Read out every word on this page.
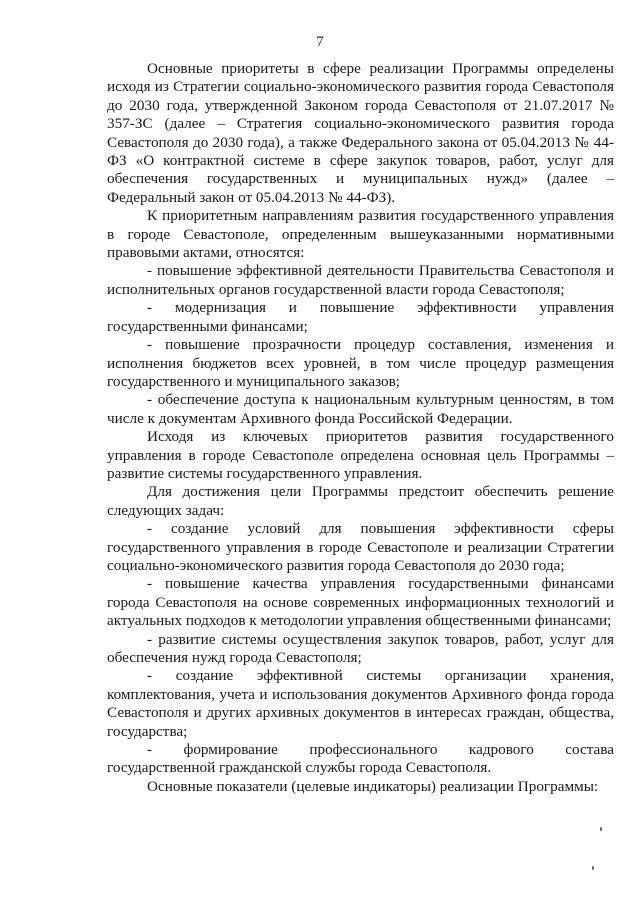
7

Основные приоритеты в сфере реализации Программы определены исходя из Стратегии социально-экономического развития города Севастополя до 2030 года, утвержденной Законом города Севастополя от 21.07.2017 № 357-ЗС (далее – Стратегия социально-экономического развития города Севастополя до 2030 года), а также Федерального закона от 05.04.2013 № 44-ФЗ «О контрактной системе в сфере закупок товаров, работ, услуг для обеспечения государственных и муниципальных нужд» (далее – Федеральный закон от 05.04.2013 № 44-ФЗ).

К приоритетным направлениям развития государственного управления в городе Севастополе, определенным вышеуказанными нормативными правовыми актами, относятся:

- повышение эффективной деятельности Правительства Севастополя и исполнительных органов государственной власти города Севастополя;

- модернизация и повышение эффективности управления государственными финансами;

- повышение прозрачности процедур составления, изменения и исполнения бюджетов всех уровней, в том числе процедур размещения государственного и муниципального заказов;

- обеспечение доступа к национальным культурным ценностям, в том числе к документам Архивного фонда Российской Федерации.

Исходя из ключевых приоритетов развития государственного управления в городе Севастополе определена основная цель Программы – развитие системы государственного управления.

Для достижения цели Программы предстоит обеспечить решение следующих задач:

- создание условий для повышения эффективности сферы государственного управления в городе Севастополе и реализации Стратегии социально-экономического развития города Севастополя до 2030 года;

- повышение качества управления государственными финансами города Севастополя на основе современных информационных технологий и актуальных подходов к методологии управления общественными финансами;

- развитие системы осуществления закупок товаров, работ, услуг для обеспечения нужд города Севастополя;

- создание эффективной системы организации хранения, комплектования, учета и использования документов Архивного фонда города Севастополя и других архивных документов в интересах граждан, общества, государства;

- формирование профессионального кадрового состава государственной гражданской службы города Севастополя.

Основные показатели (целевые индикаторы) реализации Программы:
